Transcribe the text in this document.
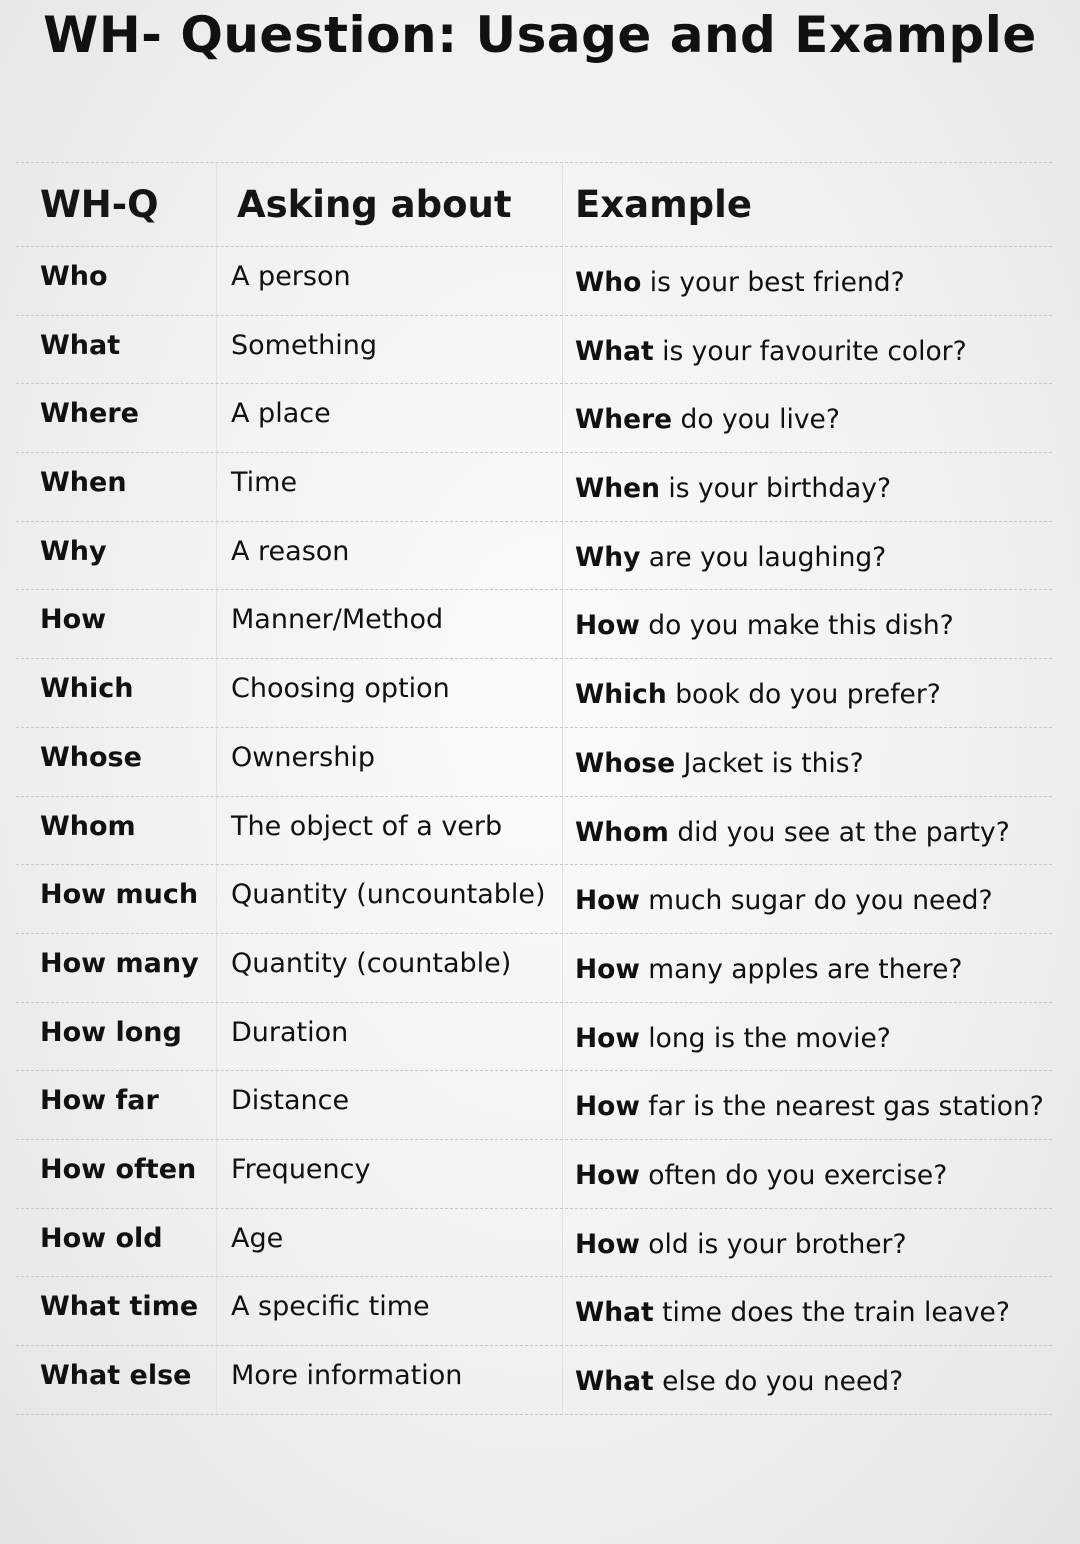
WH- Question: Usage and Example
WH-Q	Asking about	Example
Who	A person	Who is your best friend?
What	Something	What is your favourite color?
Where	A place	Where do you live?
When	Time	When is your birthday?
Why	A reason	Why are you laughing?
How	Manner/Method	How do you make this dish?
Which	Choosing option	Which book do you prefer?
Whose	Ownership	Whose Jacket is this?
Whom	The object of a verb	Whom did you see at the party?
How much	Quantity (uncountable)	How much sugar do you need?
How many	Quantity (countable)	How many apples are there?
How long	Duration	How long is the movie?
How far	Distance	How far is the nearest gas station?
How often	Frequency	How often do you exercise?
How old	Age	How old is your brother?
What time	A specific time	What time does the train leave?
What else	More information	What else do you need?
